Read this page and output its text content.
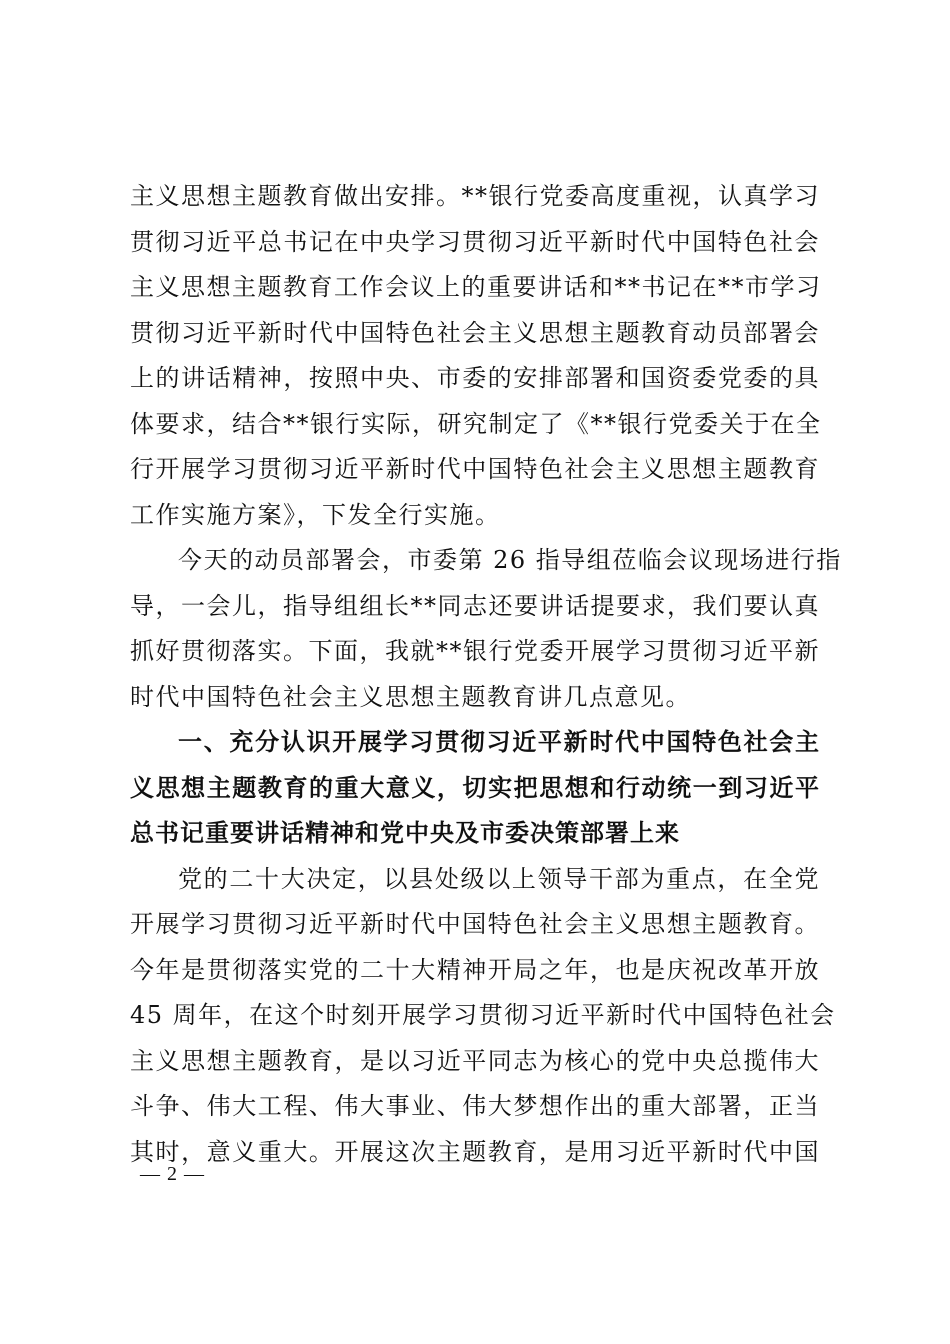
主义思想主题教育做出安排。**银行党委高度重视，认真学习
贯彻习近平总书记在中央学习贯彻习近平新时代中国特色社会
主义思想主题教育工作会议上的重要讲话和**书记在**市学习
贯彻习近平新时代中国特色社会主义思想主题教育动员部署会
上的讲话精神，按照中央、市委的安排部署和国资委党委的具
体要求，结合**银行实际，研究制定了《**银行党委关于在全
行开展学习贯彻习近平新时代中国特色社会主义思想主题教育
工作实施方案》，下发全行实施。
今天的动员部署会，市委第 26 指导组莅临会议现场进行指
导，一会儿，指导组组长**同志还要讲话提要求，我们要认真
抓好贯彻落实。下面，我就**银行党委开展学习贯彻习近平新
时代中国特色社会主义思想主题教育讲几点意见。
一、充分认识开展学习贯彻习近平新时代中国特色社会主
义思想主题教育的重大意义，切实把思想和行动统一到习近平
总书记重要讲话精神和党中央及市委决策部署上来
党的二十大决定，以县处级以上领导干部为重点，在全党
开展学习贯彻习近平新时代中国特色社会主义思想主题教育。
今年是贯彻落实党的二十大精神开局之年，也是庆祝改革开放
45 周年，在这个时刻开展学习贯彻习近平新时代中国特色社会
主义思想主题教育，是以习近平同志为核心的党中央总揽伟大
斗争、伟大工程、伟大事业、伟大梦想作出的重大部署，正当
其时，意义重大。开展这次主题教育，是用习近平新时代中国
— 2 —
